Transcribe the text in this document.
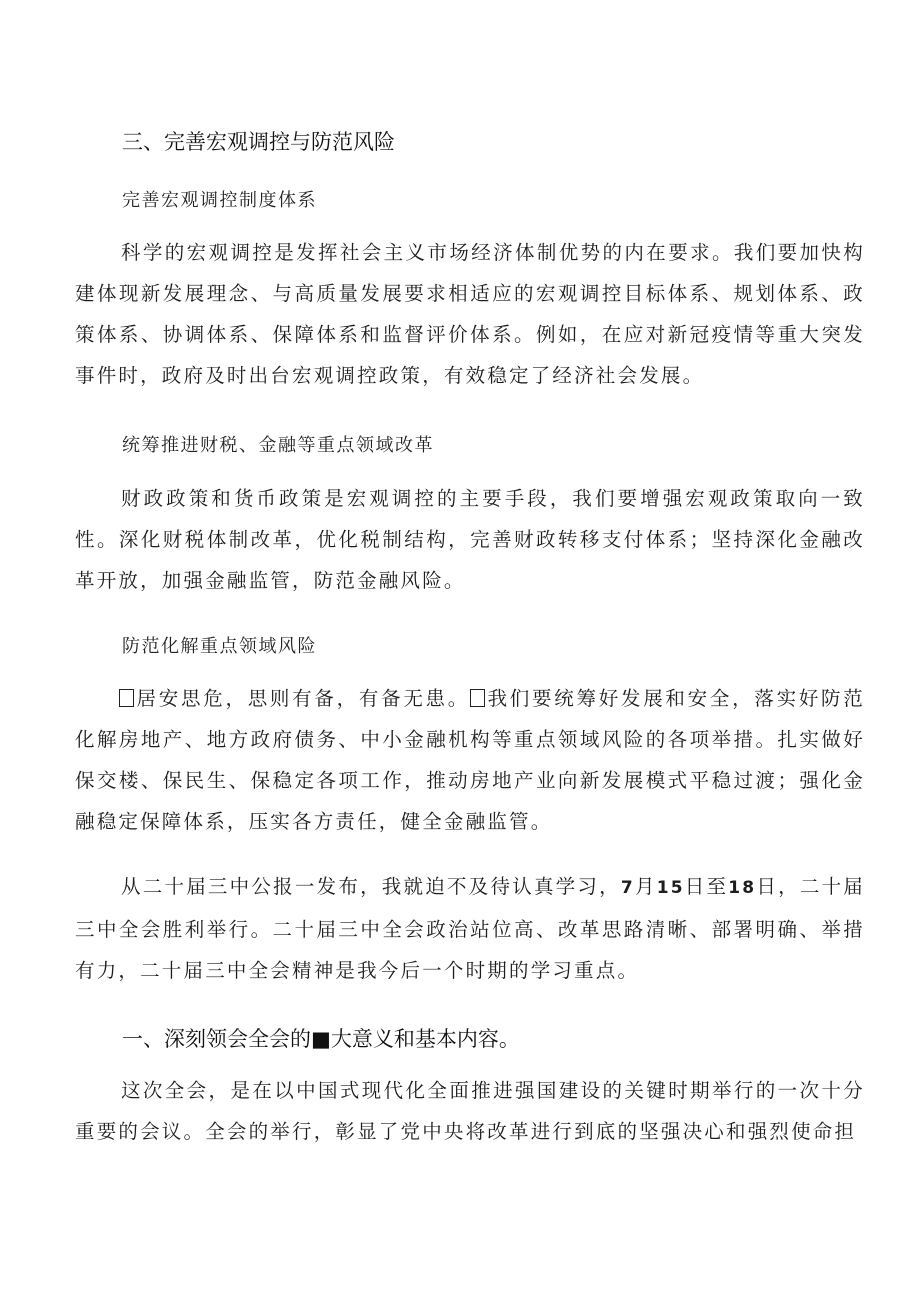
三、完善宏观调控与防范风险
完善宏观调控制度体系

科学的宏观调控是发挥社会主义市场经济体制优势的内在要求。我们要加快构建体现新发展理念、与高质量发展要求相适应的宏观调控目标体系、规划体系、政策体系、协调体系、保障体系和监督评价体系。例如，在应对新冠疫情等重大突发事件时，政府及时出台宏观调控政策，有效稳定了经济社会发展。

统筹推进财税、金融等重点领域改革

财政政策和货币政策是宏观调控的主要手段，我们要增强宏观政策取向一致性。深化财税体制改革，优化税制结构，完善财政转移支付体系；坚持深化金融改革开放，加强金融监管，防范金融风险。

防范化解重点领域风险

居安思危，思则有备，有备无患。 我们要统筹好发展和安全，落实好防范化解房地产、地方政府债务、中小金融机构等重点领域风险的各项举措。扎实做好保交楼、保民生、保稳定各项工作，推动房地产业向新发展模式平稳过渡；强化金融稳定保障体系，压实各方责任，健全金融监管。

从二十届三中公报一发布，我就迫不及待认真学习，7月15日至18日，二十届三中全会胜利举行。二十届三中全会政治站位高、改革思路清晰、部署明确、举措有力，二十届三中全会精神是我今后一个时期的学习重点。

一、深刻领会全会的■大意义和基本内容。

这次全会，是在以中国式现代化全面推进强国建设的关键时期举行的一次十分重要的会议。全会的举行，彰显了党中央将改革进行到底的坚强决心和强烈使命担
